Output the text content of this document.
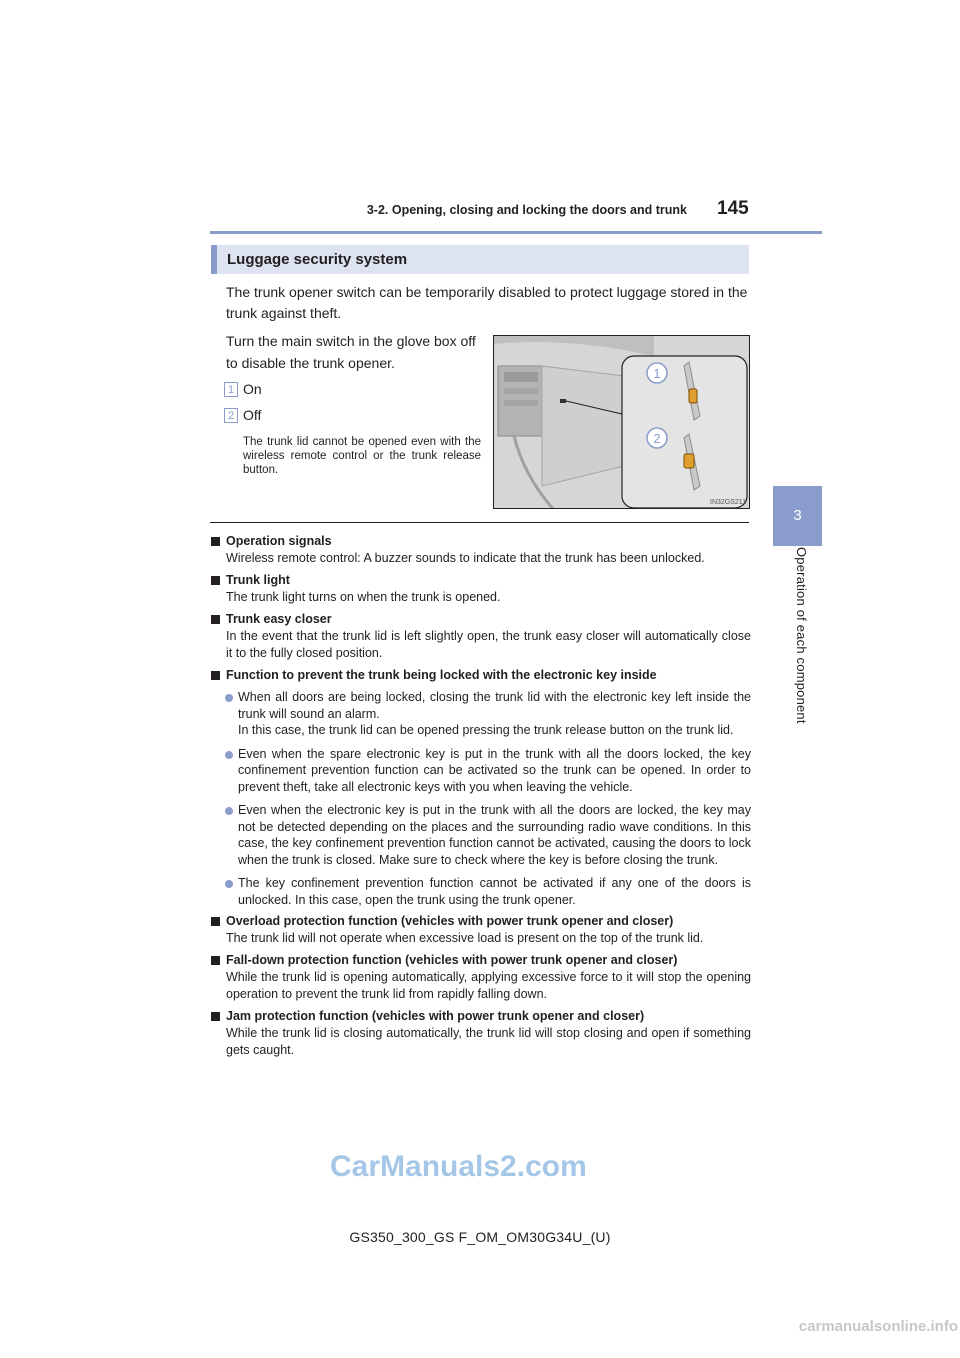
3-2. Opening, closing and locking the doors and trunk 145
3
Operation of each component
Luggage security system
The trunk opener switch can be temporarily disabled to protect luggage stored in the trunk against theft.
Turn the main switch in the glove box off to disable the trunk opener.
1 On
2 Off
The trunk lid cannot be opened even with the wireless remote control or the trunk release button.
1
2
IN32GS211
Operation signals
Wireless remote control: A buzzer sounds to indicate that the trunk has been unlocked.
Trunk light
The trunk light turns on when the trunk is opened.
Trunk easy closer
In the event that the trunk lid is left slightly open, the trunk easy closer will automatically close it to the fully closed position.
Function to prevent the trunk being locked with the electronic key inside
When all doors are being locked, closing the trunk lid with the electronic key left inside the trunk will sound an alarm.
In this case, the trunk lid can be opened pressing the trunk release button on the trunk lid.
Even when the spare electronic key is put in the trunk with all the doors locked, the key confinement prevention function can be activated so the trunk can be opened. In order to prevent theft, take all electronic keys with you when leaving the vehicle.
Even when the electronic key is put in the trunk with all the doors are locked, the key may not be detected depending on the places and the surrounding radio wave conditions. In this case, the key confinement prevention function cannot be activated, causing the doors to lock when the trunk is closed. Make sure to check where the key is before closing the trunk.
The key confinement prevention function cannot be activated if any one of the doors is unlocked. In this case, open the trunk using the trunk opener.
Overload protection function (vehicles with power trunk opener and closer)
The trunk lid will not operate when excessive load is present on the top of the trunk lid.
Fall-down protection function (vehicles with power trunk opener and closer)
While the trunk lid is opening automatically, applying excessive force to it will stop the opening operation to prevent the trunk lid from rapidly falling down.
Jam protection function (vehicles with power trunk opener and closer)
While the trunk lid is closing automatically, the trunk lid will stop closing and open if something gets caught.
CarManuals2.com
GS350_300_GS F_OM_OM30G34U_(U)
carmanualsonline.info
